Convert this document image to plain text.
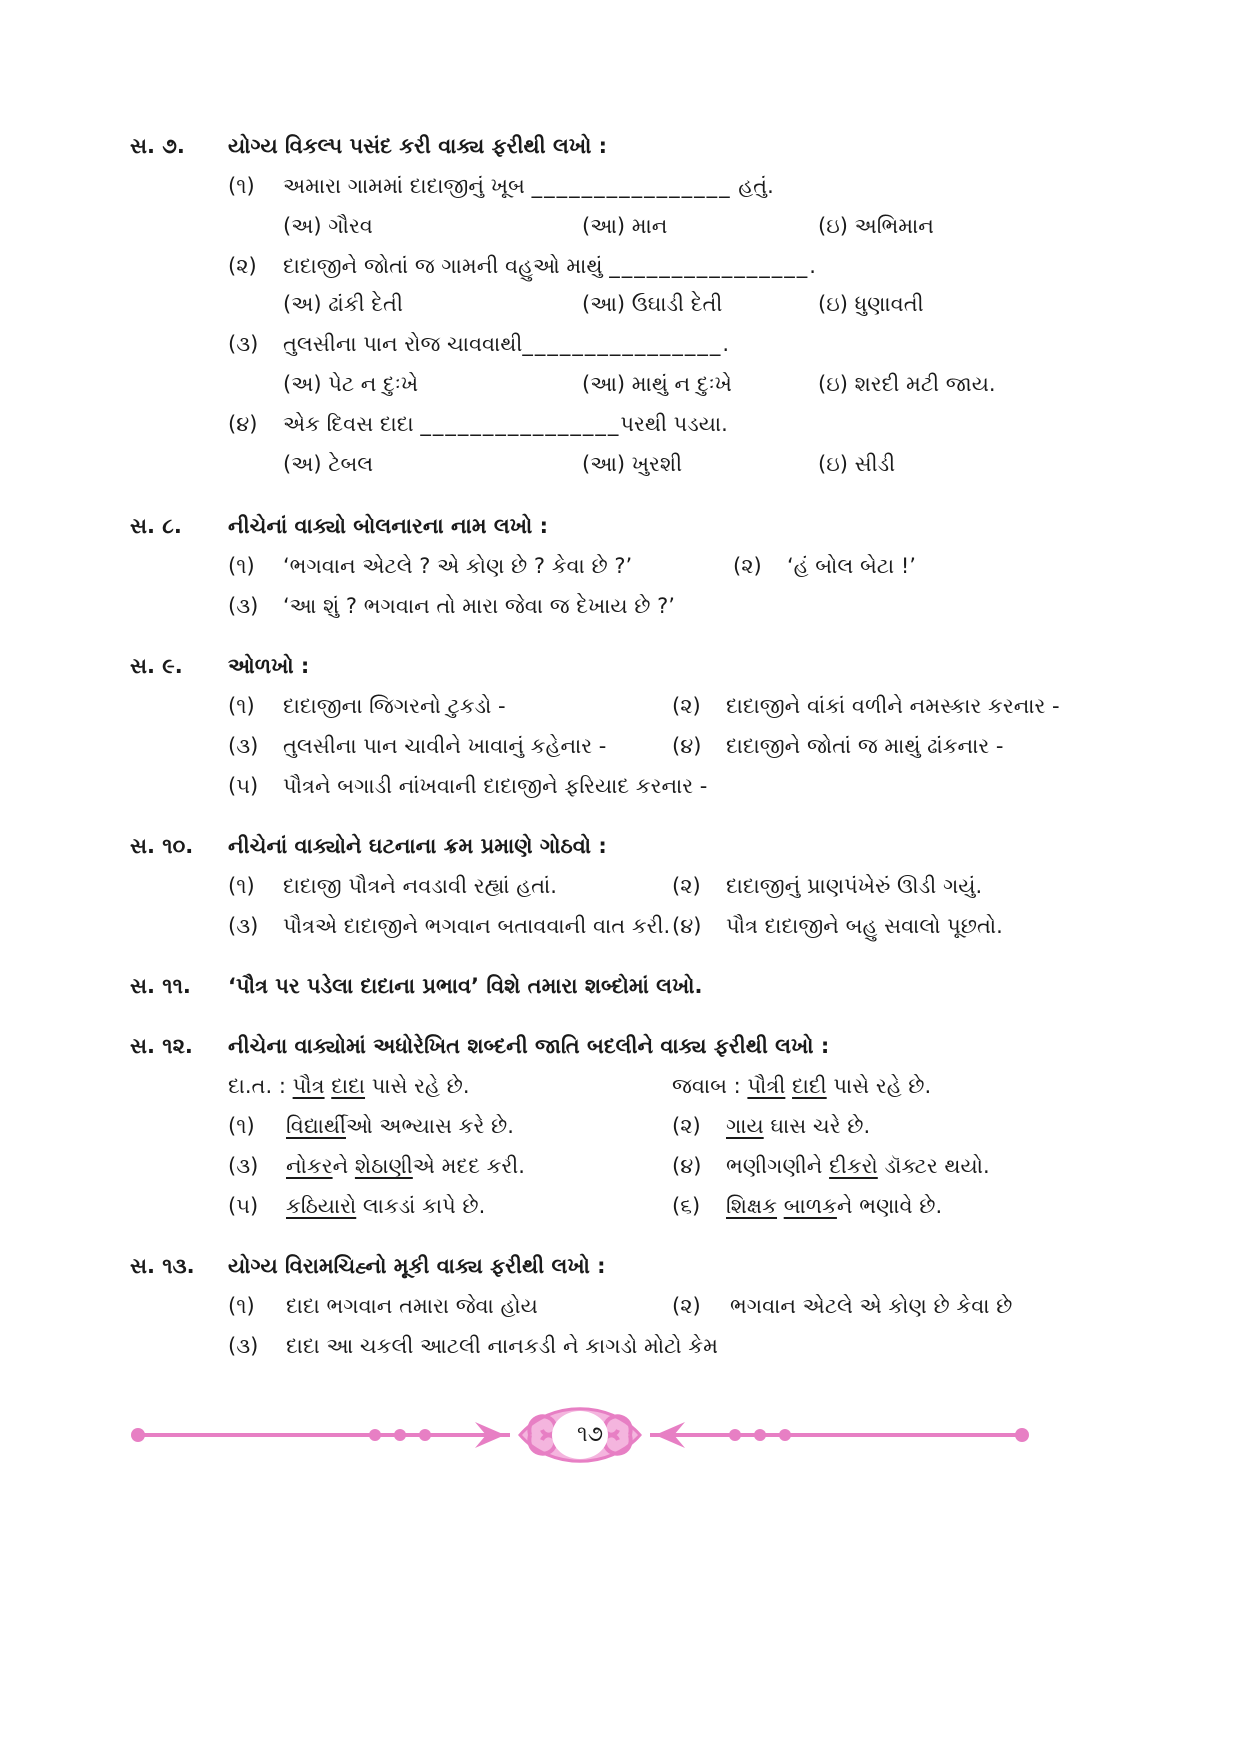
સ. ૭. યોગ્ય વિકલ્પ પસંદ કરી વાક્ય ફરીથી લખો :
(૧) અમારા ગામમાં દાદાજીનું ખૂબ ________________ હતું.
(અ) ગૌરવ	(આ) માન	(ઇ) અભિમાન
(૨) દાદાજીને જોતાં જ ગામની વહુઓ માથું ________________.
(અ) ઢાંકી દેતી	(આ) ઉઘાડી દેતી	(ઇ) ધુણાવતી
(૩) તુલસીના પાન રોજ ચાવવાથી________________.
(અ) પેટ ન દુઃખે	(આ) માથું ન દુઃખે	(ઇ) શરદી મટી જાય.
(૪) એક દિવસ દાદા ________________પરથી પડયા.
(અ) ટેબલ	(આ) ખુરશી	(ઇ) સીડી
સ. ૮. નીચેનાં વાક્યો બોલનારના નામ લખો :
(૧) ‘ભગવાન એટલે ? એ કોણ છે ? કેવા છે ?’	(૨) ‘હં બોલ બેટા !’
(૩) ‘આ શું ? ભગવાન તો મારા જેવા જ દેખાય છે ?’
સ. ૯. ઓળખો :
(૧) દાદાજીના જિગરનો ટુકડો -	(૨) દાદાજીને વાંકાં વળીને નમસ્કાર કરનાર -
(૩) તુલસીના પાન ચાવીને ખાવાનું કહેનાર -	(૪) દાદાજીને જોતાં જ માથું ઢાંકનાર -
(૫) પૌત્રને બગાડી નાંખવાની દાદાજીને ફરિયાદ કરનાર -
સ. ૧૦. નીચેનાં વાક્યોને ઘટનાના ક્રમ પ્રમાણે ગોઠવો :
(૧) દાદાજી પૌત્રને નવડાવી રહ્યાં હતાં.	(૨) દાદાજીનું પ્રાણપંખેરું ઊડી ગયું.
(૩) પૌત્રએ દાદાજીને ભગવાન બતાવવાની વાત કરી. (૪) પૌત્ર દાદાજીને બહુ સવાલો પૂછતો.
સ. ૧૧. ‘પૌત્ર પર પડેલા દાદાના પ્રભાવ’ વિશે તમારા શબ્દોમાં લખો.
સ. ૧૨. નીચેના વાક્યોમાં અધોરેખિત શબ્દની જાતિ બદલીને વાક્ય ફરીથી લખો :
દા.ત. : પૌત્ર દાદા પાસે રહે છે.	જવાબ : પૌત્રી દાદી પાસે રહે છે.
(૧) વિદ્યાર્થીઓ અભ્યાસ કરે છે.	(૨) ગાય ઘાસ ચરે છે.
(૩) નોકરને શેઠાણીએ મદદ કરી.	(૪) ભણીગણીને દીકરો ડૉક્ટર થયો.
(૫) કઠિયારો લાકડાં કાપે છે.	(૬) શિક્ષક બાળકને ભણાવે છે.
સ. ૧૩. યોગ્ય વિરામચિહ્નો મૂકી વાક્ય ફરીથી લખો :
(૧) દાદા ભગવાન તમારા જેવા હોય	(૨) ભગવાન એટલે એ કોણ છે કેવા છે
(૩) દાદા આ ચકલી આટલી નાનકડી ને કાગડો મોટો કેમ
૧૭
